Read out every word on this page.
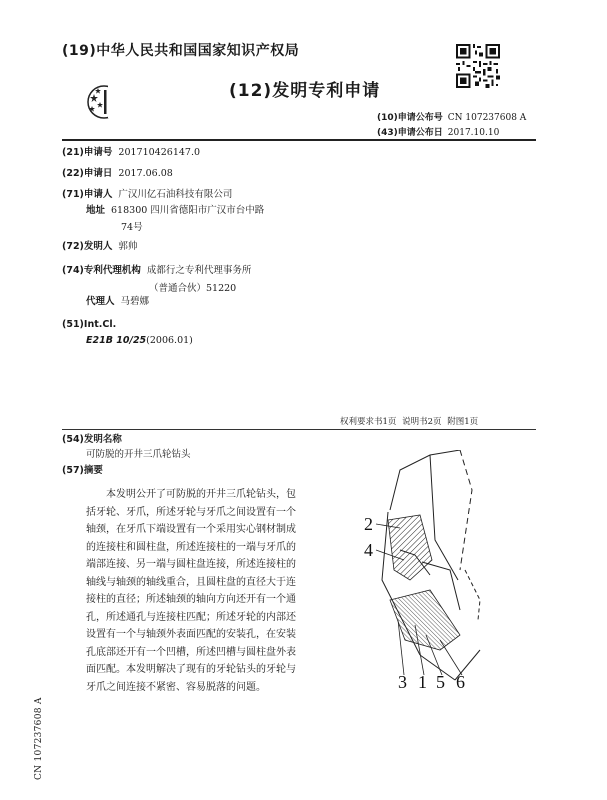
(19)中华人民共和国国家知识产权局
(12)发明专利申请
(10)申请公布号 CN 107237608 A
(43)申请公布日 2017.10.10
(21)申请号 201710426147.0
(22)申请日 2017.06.08
(71)申请人 广汉川亿石油科技有限公司
地址 618300 四川省德阳市广汉市台中路
74号
(72)发明人 郭帅
(74)专利代理机构 成都行之专利代理事务所
（普通合伙）51220
代理人 马碧娜
(51)Int.Cl.
E21B 10/25(2006.01)
权利要求书1页 说明书2页 附图1页
(54)发明名称
可防脱的开井三爪轮钻头
(57)摘要
本发明公开了可防脱的开井三爪轮钻头，包括牙轮、牙爪，所述牙轮与牙爪之间设置有一个轴颈，在牙爪下端设置有一个采用实心钢材制成的连接柱和圆柱盘，所述连接柱的一端与牙爪的端部连接、另一端与圆柱盘连接，所述连接柱的轴线与轴颈的轴线重合，且圆柱盘的直径大于连接柱的直径；所述轴颈的轴向方向还开有一个通孔，所述通孔与连接柱匹配；所述牙轮的内部还设置有一个与轴颈外表面匹配的安装孔，在安装孔底部还开有一个凹槽，所述凹槽与圆柱盘外表面匹配。本发明解决了现有的牙轮钻头的牙轮与牙爪之间连接不紧密、容易脱落的问题。
2
4
3 1 5 6
CN 107237608 A
